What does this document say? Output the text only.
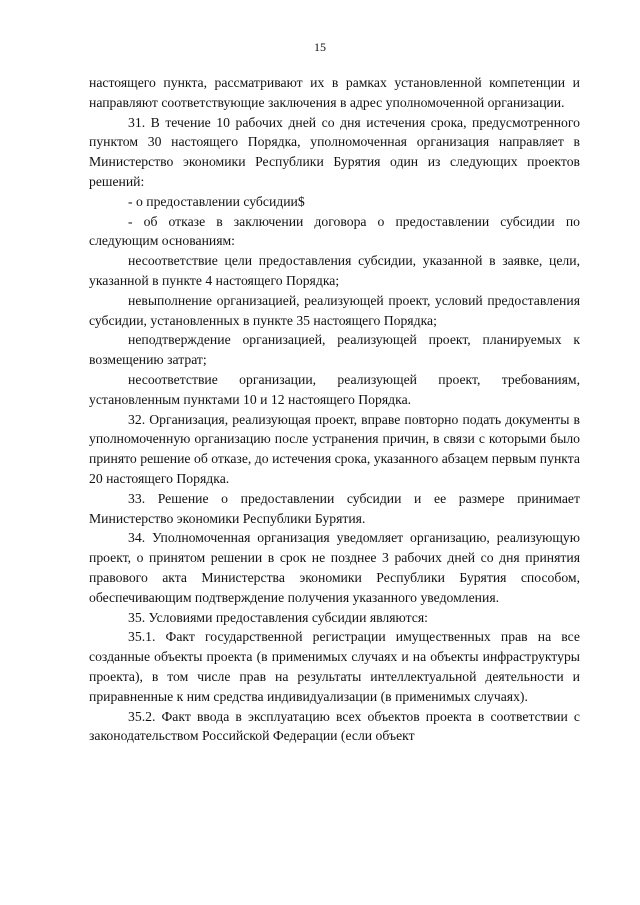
15

настоящего пункта, рассматривают их в рамках установленной компетенции и направляют соответствующие заключения в адрес уполномоченной организации.

31. В течение 10 рабочих дней со дня истечения срока, предусмотренного пунктом 30 настоящего Порядка, уполномоченная организация направляет в Министерство экономики Республики Бурятия один из следующих проектов решений:

- о предоставлении субсидии$

- об отказе в заключении договора о предоставлении субсидии по следующим основаниям:

несоответствие цели предоставления субсидии, указанной в заявке, цели, указанной в пункте 4 настоящего Порядка;

невыполнение организацией, реализующей проект, условий предоставления субсидии, установленных в пункте 35 настоящего Порядка;

неподтверждение организацией, реализующей проект, планируемых к возмещению затрат;

несоответствие организации, реализующей проект, требованиям, установленным пунктами 10 и 12 настоящего Порядка.

32. Организация, реализующая проект, вправе повторно подать документы в уполномоченную организацию после устранения причин, в связи с которыми было принято решение об отказе, до истечения срока, указанного абзацем первым пункта 20 настоящего Порядка.

33. Решение о предоставлении субсидии и ее размере принимает Министерство экономики Республики Бурятия.

34. Уполномоченная организация уведомляет организацию, реализующую проект, о принятом решении в срок не позднее 3 рабочих дней со дня принятия правового акта Министерства экономики Республики Бурятия способом, обеспечивающим подтверждение получения указанного уведомления.

35. Условиями предоставления субсидии являются:

35.1. Факт государственной регистрации имущественных прав на все созданные объекты проекта (в применимых случаях и на объекты инфраструктуры проекта), в том числе прав на результаты интеллектуальной деятельности и приравненные к ним средства индивидуализации (в применимых случаях).

35.2. Факт ввода в эксплуатацию всех объектов проекта в соответствии с законодательством Российской Федерации (если объект
